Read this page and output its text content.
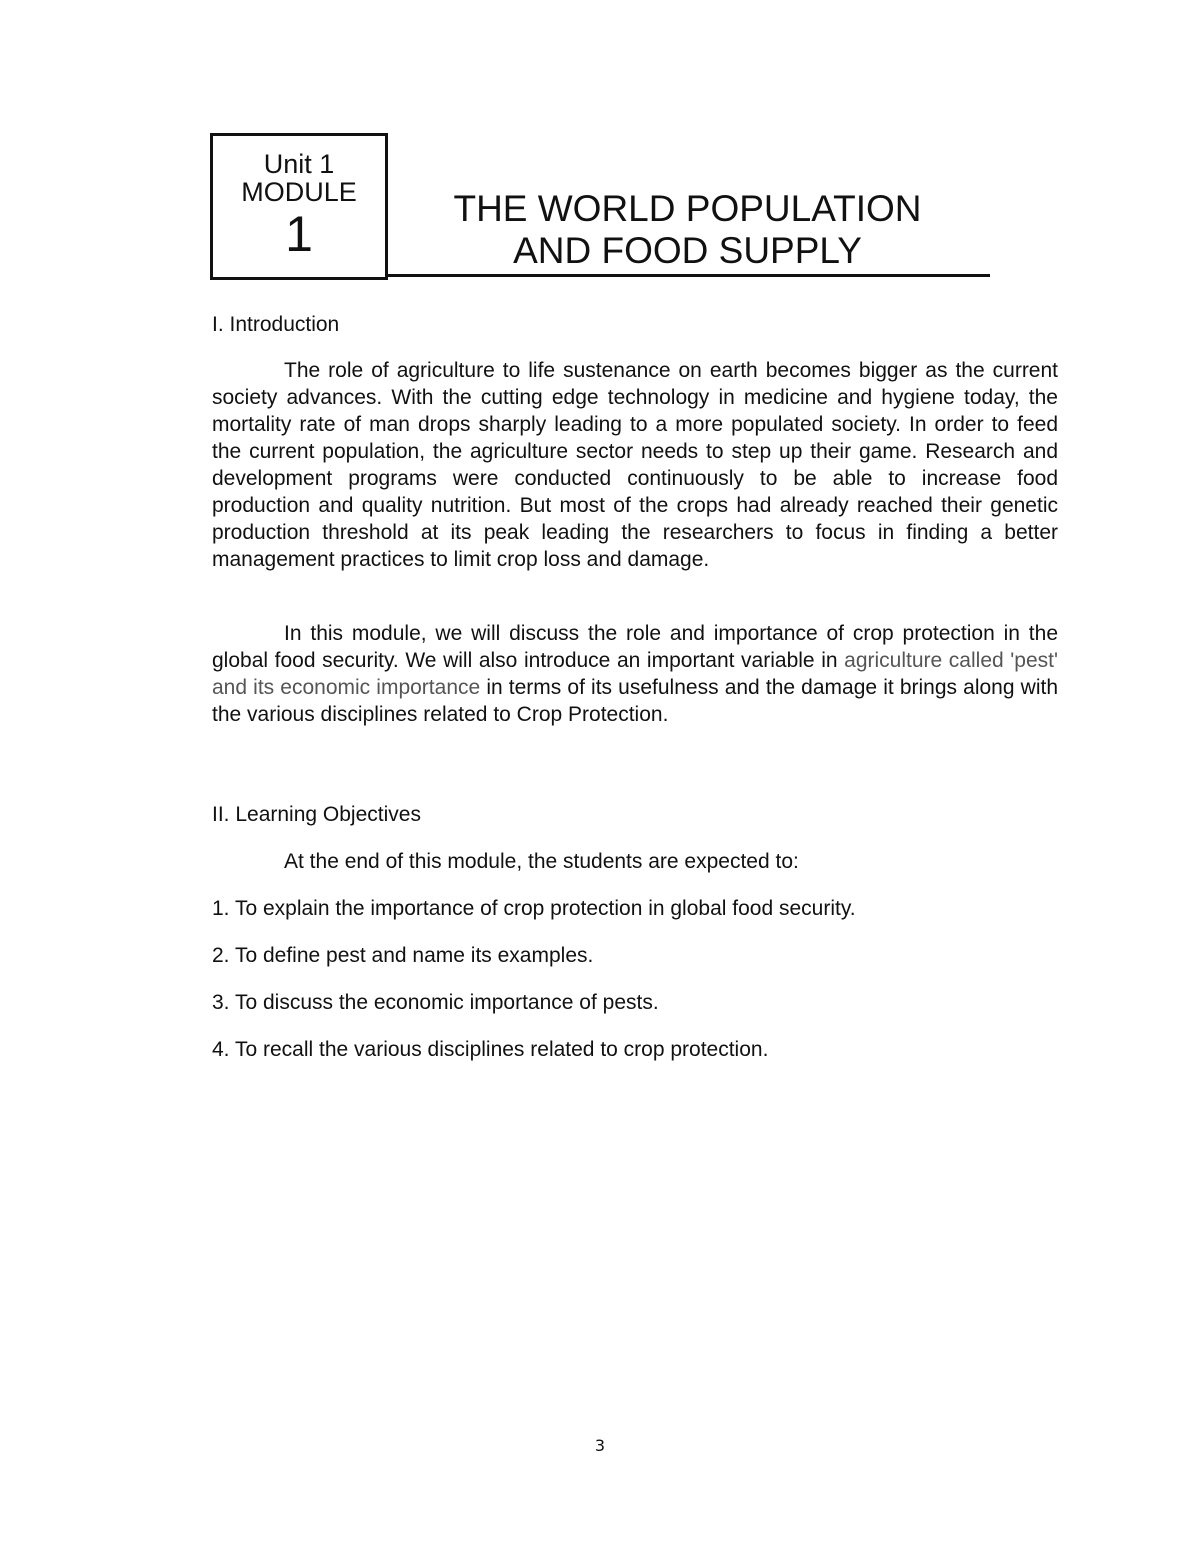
Unit 1
MODULE
1	THE WORLD POPULATION
AND FOOD SUPPLY
I. Introduction

The role of agriculture to life sustenance on earth becomes bigger as the current society advances. With the cutting edge technology in medicine and hygiene today, the mortality rate of man drops sharply leading to a more populated society. In order to feed the current population, the agriculture sector needs to step up their game. Research and development programs were conducted continuously to be able to increase food production and quality nutrition. But most of the crops had already reached their genetic production threshold at its peak leading the researchers to focus in finding a better management practices to limit crop loss and damage.

In this module, we will discuss the role and importance of crop protection in the global food security. We will also introduce an important variable in agriculture called 'pest' and its economic importance in terms of its usefulness and the damage it brings along with the various disciplines related to Crop Protection.

II. Learning Objectives
At the end of this module, the students are expected to:
1. To explain the importance of crop protection in global food security.
2. To define pest and name its examples.
3. To discuss the economic importance of pests.
4. To recall the various disciplines related to crop protection.
3
